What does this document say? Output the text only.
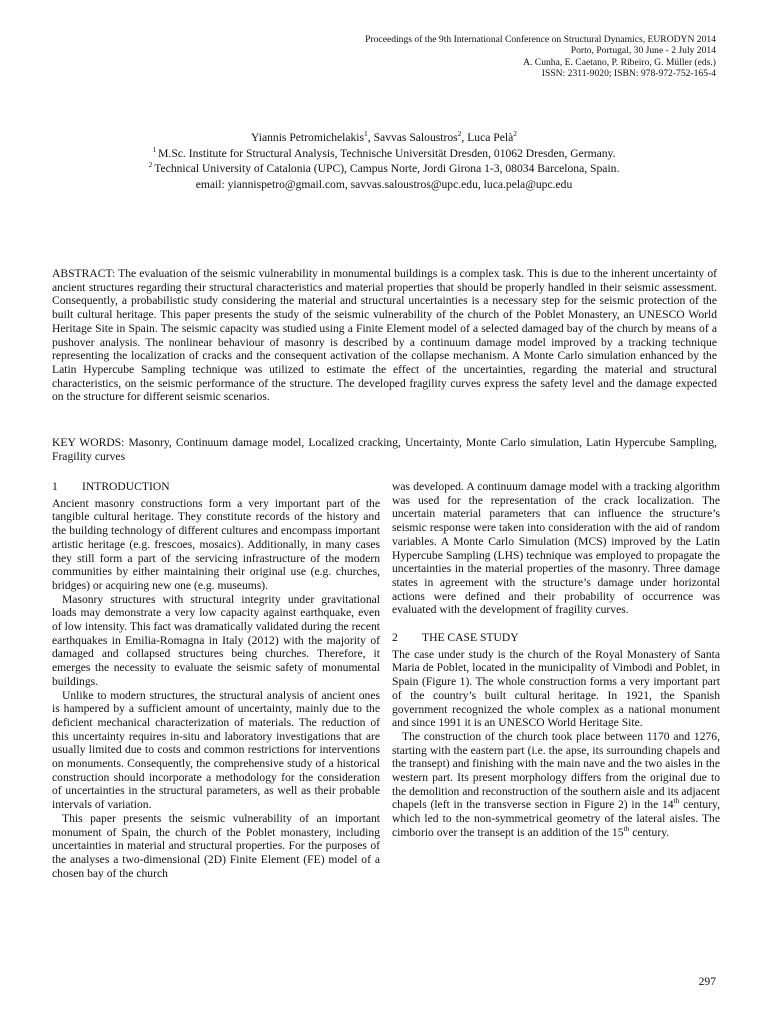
Proceedings of the 9th International Conference on Structural Dynamics, EURODYN 2014
Porto, Portugal, 30 June - 2 July 2014
A. Cunha, E. Caetano, P. Ribeiro, G. Müller (eds.)
ISSN: 2311-9020; ISBN: 978-972-752-165-4
Yiannis Petromichelakis$^1$, Savvas Saloustros$^2$, Luca Pelà$^2$
$^1$ M.Sc. Institute for Structural Analysis, Technische Universität Dresden, 01062 Dresden, Germany.
$^2$ Technical University of Catalonia (UPC), Campus Norte, Jordi Girona 1-3, 08034 Barcelona, Spain.
email: yiannispetro@gmail.com, savvas.saloustros@upc.edu, luca.pela@upc.edu
ABSTRACT: The evaluation of the seismic vulnerability in monumental buildings is a complex task. This is due to the inherent uncertainty of ancient structures regarding their structural characteristics and material properties that should be properly handled in their seismic assessment. Consequently, a probabilistic study considering the material and structural uncertainties is a necessary step for the seismic protection of the built cultural heritage. This paper presents the study of the seismic vulnerability of the church of the Poblet Monastery, an UNESCO World Heritage Site in Spain. The seismic capacity was studied using a Finite Element model of a selected damaged bay of the church by means of a pushover analysis. The nonlinear behaviour of masonry is described by a continuum damage model improved by a tracking technique representing the localization of cracks and the consequent activation of the collapse mechanism. A Monte Carlo simulation enhanced by the Latin Hypercube Sampling technique was utilized to estimate the effect of the uncertainties, regarding the material and structural characteristics, on the seismic performance of the structure. The developed fragility curves express the safety level and the damage expected on the structure for different seismic scenarios.
KEY WORDS: Masonry, Continuum damage model, Localized cracking, Uncertainty, Monte Carlo simulation, Latin Hypercube Sampling, Fragility curves
1 INTRODUCTION

Ancient masonry constructions form a very important part of the tangible cultural heritage. They constitute records of the history and the building technology of different cultures and encompass important artistic heritage (e.g. frescoes, mosaics). Additionally, in many cases they still form a part of the servicing infrastructure of the modern communities by either maintaining their original use (e.g. churches, bridges) or acquiring new one (e.g. museums).

Masonry structures with structural integrity under gravitational loads may demonstrate a very low capacity against earthquake, even of low intensity. This fact was dramatically validated during the recent earthquakes in Emilia-Romagna in Italy (2012) with the majority of damaged and collapsed structures being churches. Therefore, it emerges the necessity to evaluate the seismic safety of monumental buildings.

Unlike to modern structures, the structural analysis of ancient ones is hampered by a sufficient amount of uncertainty, mainly due to the deficient mechanical characterization of materials. The reduction of this uncertainty requires in-situ and laboratory investigations that are usually limited due to costs and common restrictions for interventions on monuments. Consequently, the comprehensive study of a historical construction should incorporate a methodology for the consideration of uncertainties in the structural parameters, as well as their probable intervals of variation.

This paper presents the seismic vulnerability of an important monument of Spain, the church of the Poblet monastery, including uncertainties in material and structural properties. For the purposes of the analyses a two-dimensional (2D) Finite Element (FE) model of a chosen bay of the church

was developed. A continuum damage model with a tracking algorithm was used for the representation of the crack localization. The uncertain material parameters that can influence the structure’s seismic response were taken into consideration with the aid of random variables. A Monte Carlo Simulation (MCS) improved by the Latin Hypercube Sampling (LHS) technique was employed to propagate the uncertainties in the material properties of the masonry. Three damage states in agreement with the structure’s damage under horizontal actions were defined and their probability of occurrence was evaluated with the development of fragility curves.

2 THE CASE STUDY

The case under study is the church of the Royal Monastery of Santa Maria de Poblet, located in the municipality of Vimbodi and Poblet, in Spain (Figure 1). The whole construction forms a very important part of the country’s built cultural heritage. In 1921, the Spanish government recognized the whole complex as a national monument and since 1991 it is an UNESCO World Heritage Site.

The construction of the church took place between 1170 and 1276, starting with the eastern part (i.e. the apse, its surrounding chapels and the transept) and finishing with the main nave and the two aisles in the western part. Its present morphology differs from the original due to the demolition and reconstruction of the southern aisle and its adjacent chapels (left in the transverse section in Figure 2) in the 14th century, which led to the non-symmetrical geometry of the lateral aisles. The cimborio over the transept is an addition of the 15th century.

297
